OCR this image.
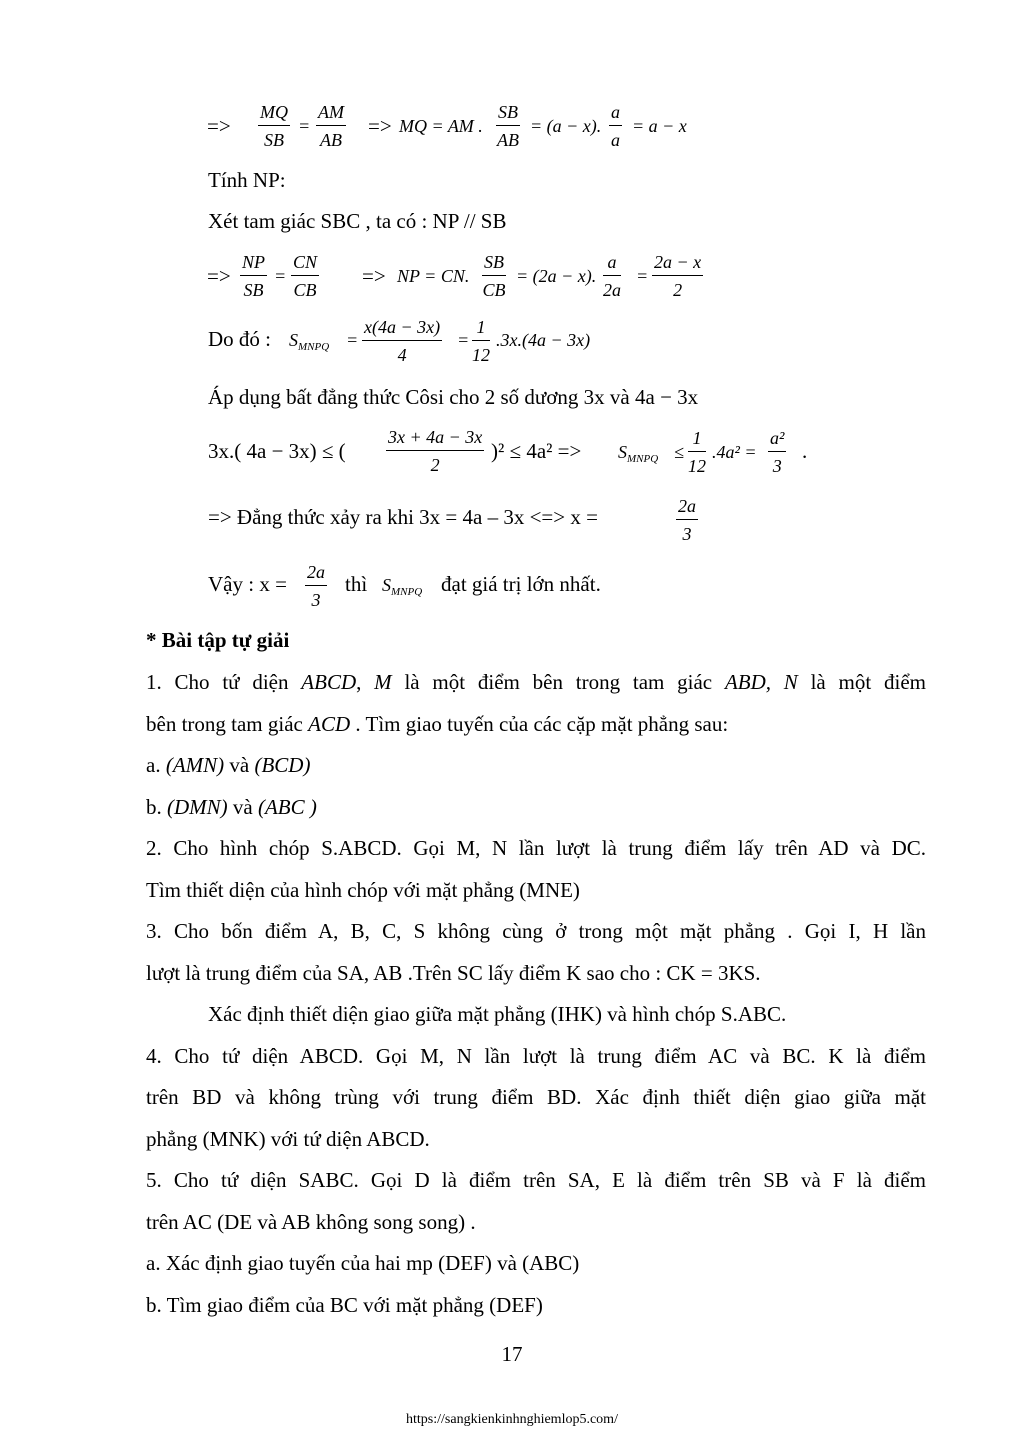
=> $\frac{MQ}{SB} = \frac{AM}{AB}$ => MQ = AM . $\frac{SB}{AB} = (a - x)$. $\frac{a}{a} = a - x$
Tính NP:
Xét tam giác SBC , ta có : NP // SB
=> $\frac{NP}{SB} = \frac{CN}{CB}$ => NP = CN. $\frac{SB}{CB} = (2a - x)$. $\frac{a}{2a} = \frac{2a - x}{2}$
Do đó : $S_{MNPQ} = \frac{x(4a - 3x)}{4} = \frac{1}{12} .3x.(4a - 3x)$
Áp dụng bất đẳng thức Côsi cho 2 số dương 3x và 4a − 3x
3x.( 4a − 3x) ≤ ( $\frac{3x + 4a - 3x}{2} )^2 \le 4a^2 => S_{MNPQ} \le \frac{1}{12} .4a^2 = \frac{\text{a²}}{3}$ .
=> Đẳng thức xảy ra khi 3x = 4a – 3x <=> x =	$\frac{2a}{3}$
Vậy : $x = \frac{2a}{3}$ thì $S_{MNPQ}$ đạt giá trị lớn nhất.
* Bài tập tự giải
1. Cho tứ diện ABCD, M là một điểm bên trong tam giác ABD, N là một điểm
bên trong tam giác ACD . Tìm giao tuyến của các cặp mặt phẳng sau:
a. (AMN) và (BCD)
b. (DMN) và (ABC )
2. Cho hình chóp S.ABCD. Gọi M, N lần lượt là trung điểm lấy trên AD và DC.
Tìm thiết diện của hình chóp với mặt phẳng (MNE)
3. Cho bốn điểm A, B, C, S không cùng ở trong một mặt phẳng . Gọi I, H lần
lượt là trung điểm của SA, AB .Trên SC lấy điểm K sao cho : CK = 3KS.
Xác định thiết diện giao giữa mặt phẳng (IHK) và hình chóp S.ABC.
4. Cho tứ diện ABCD. Gọi M, N lần lượt là trung điểm AC và BC. K là điểm
trên BD và không trùng với trung điểm BD. Xác định thiết diện giao giữa mặt
phẳng (MNK) với tứ diện ABCD.
5. Cho tứ diện SABC. Gọi D là điểm trên SA, E là điểm trên SB và F là điểm
trên AC (DE và AB không song song) .
a. Xác định giao tuyến của hai mp (DEF) và (ABC)
b. Tìm giao điểm của BC với mặt phẳng (DEF)
17
https://sangkienkinhnghiemlop5.com/
